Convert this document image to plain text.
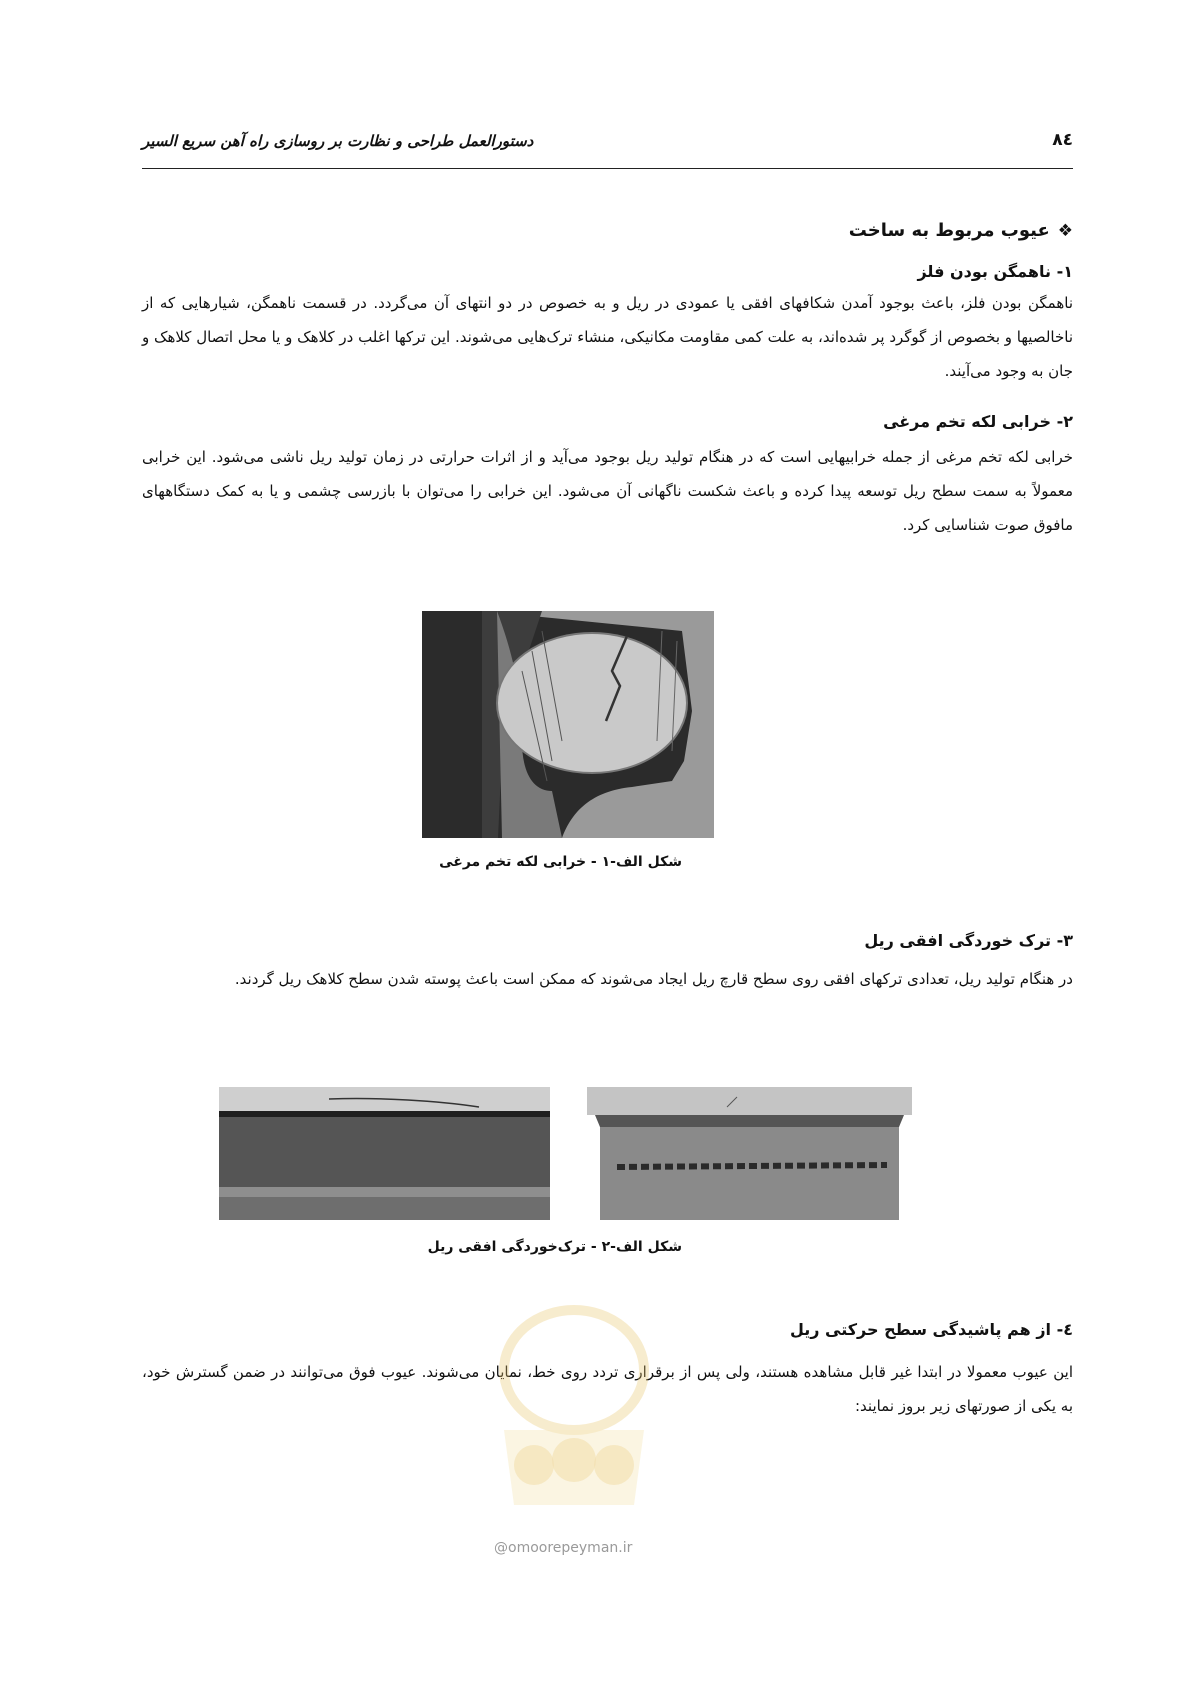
دستورالعمل طراحی و نظارت بر روسازی راه آهن سریع السیر	۸٤
❖عیوب مربوط به ساخت
۱- ناهمگن بودن فلز
ناهمگن بودن فلز، باعث بوجود آمدن شکافهای افقی یا عمودی در ریل و به خصوص در دو انتهای آن می‌گردد. در قسمت ناهمگن، شیارهایی که از ناخالصیها و بخصوص از گوگرد پر شده‌اند، به علت کمی مقاومت مکانیکی، منشاء ترک‌هایی می‌شوند. این ترکها اغلب در کلاهک و یا محل اتصال کلاهک و جان به وجود می‌آیند.
۲- خرابی لکه تخم مرغی
خرابی لکه تخم مرغی از جمله خرابیهایی است که در هنگام تولید ریل بوجود می‌آید و از اثرات حرارتی در زمان تولید ریل ناشی می‌شود. این خرابی معمولاً به سمت سطح ریل توسعه پیدا کرده و باعث شکست ناگهانی آن می‌شود. این خرابی را می‌توان با بازرسی چشمی و یا به کمک دستگاههای مافوق صوت شناسایی کرد.
شکل الف-۱ - خرابی لکه تخم مرغی
۳- ترک خوردگی افقی ریل
در هنگام تولید ریل، تعدادی ترکهای افقی روی سطح قارچ ریل ایجاد می‌شوند که ممکن است باعث پوسته شدن سطح کلاهک ریل گردند.
شکل الف-۲ - ترک‌خوردگی افقی ریل
٤- از هم پاشیدگی سطح حرکتی ریل
این عیوب معمولا در ابتدا غیر قابل مشاهده هستند، ولی پس از برقراری تردد روی خط، نمایان می‌شوند. عیوب فوق می‌توانند در ضمن گسترش خود، به یکی از صورتهای زیر بروز نمایند:
@omoorepeyman.ir
